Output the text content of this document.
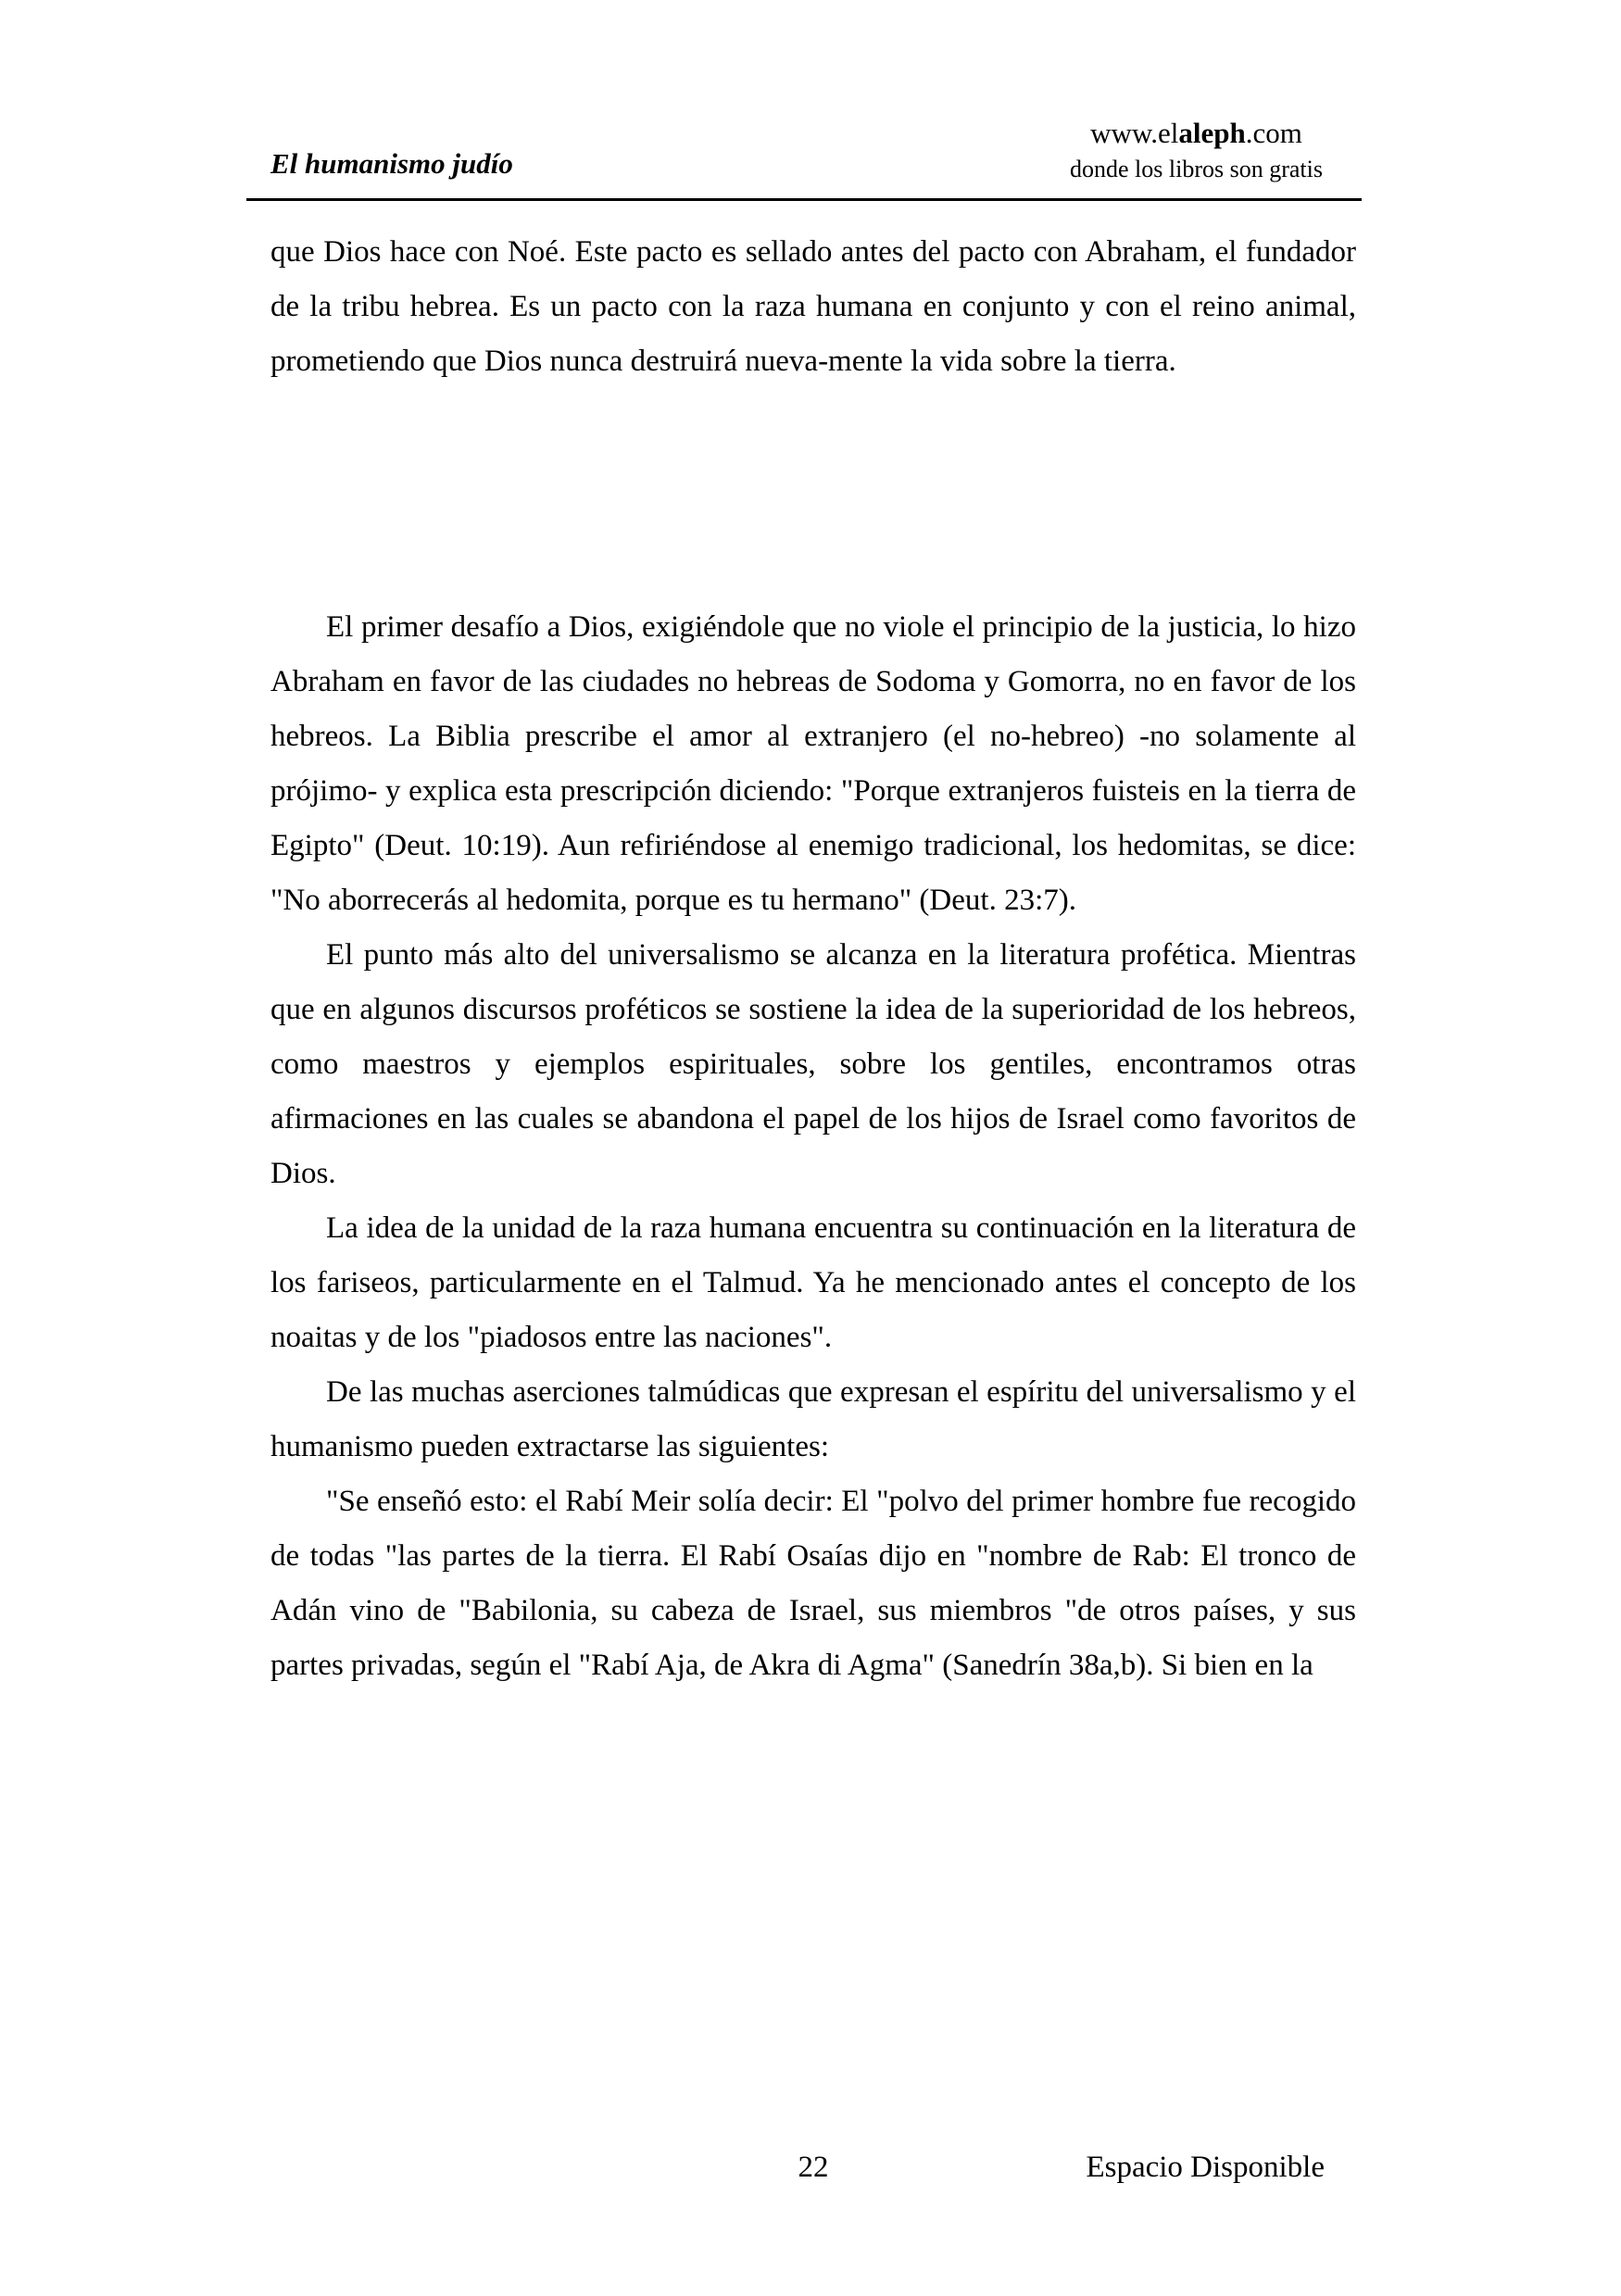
El humanismo judío
www.elaleph.com
donde los libros son gratis

que Dios hace con Noé. Este pacto es sellado antes del pacto con Abraham, el fundador de la tribu hebrea. Es un pacto con la raza humana en conjunto y con el reino animal, prometiendo que Dios nunca destruirá nueva-mente la vida sobre la tierra.

El primer desafío a Dios, exigiéndole que no viole el principio de la justicia, lo hizo Abraham en favor de las ciudades no hebreas de Sodoma y Gomorra, no en favor de los hebreos. La Biblia prescribe el amor al extranjero (el no-hebreo) -no solamente al prójimo- y explica esta prescripción diciendo: "Porque extranjeros fuisteis en la tierra de Egipto" (Deut. 10:19). Aun refiriéndose al enemigo tradicional, los hedomitas, se dice: "No aborrecerás al hedomita, porque es tu hermano" (Deut. 23:7).

El punto más alto del universalismo se alcanza en la literatura profética. Mientras que en algunos discursos proféticos se sostiene la idea de la superioridad de los hebreos, como maestros y ejemplos espirituales, sobre los gentiles, encontramos otras afirmaciones en las cuales se abandona el papel de los hijos de Israel como favoritos de Dios.

La idea de la unidad de la raza humana encuentra su continuación en la literatura de los fariseos, particularmente en el Talmud. Ya he mencionado antes el concepto de los noaitas y de los "piadosos entre las naciones".

De las muchas aserciones talmúdicas que expresan el espíritu del universalismo y el humanismo pueden extractarse las siguientes:

"Se enseñó esto: el Rabí Meir solía decir: El "polvo del primer hombre fue recogido de todas "las partes de la tierra. El Rabí Osaías dijo en "nombre de Rab: El tronco de Adán vino de "Babilonia, su cabeza de Israel, sus miembros "de otros países, y sus partes privadas, según el "Rabí Aja, de Akra di Agma" (Sanedrín 38a,b). Si bien en la

22	Espacio Disponible
